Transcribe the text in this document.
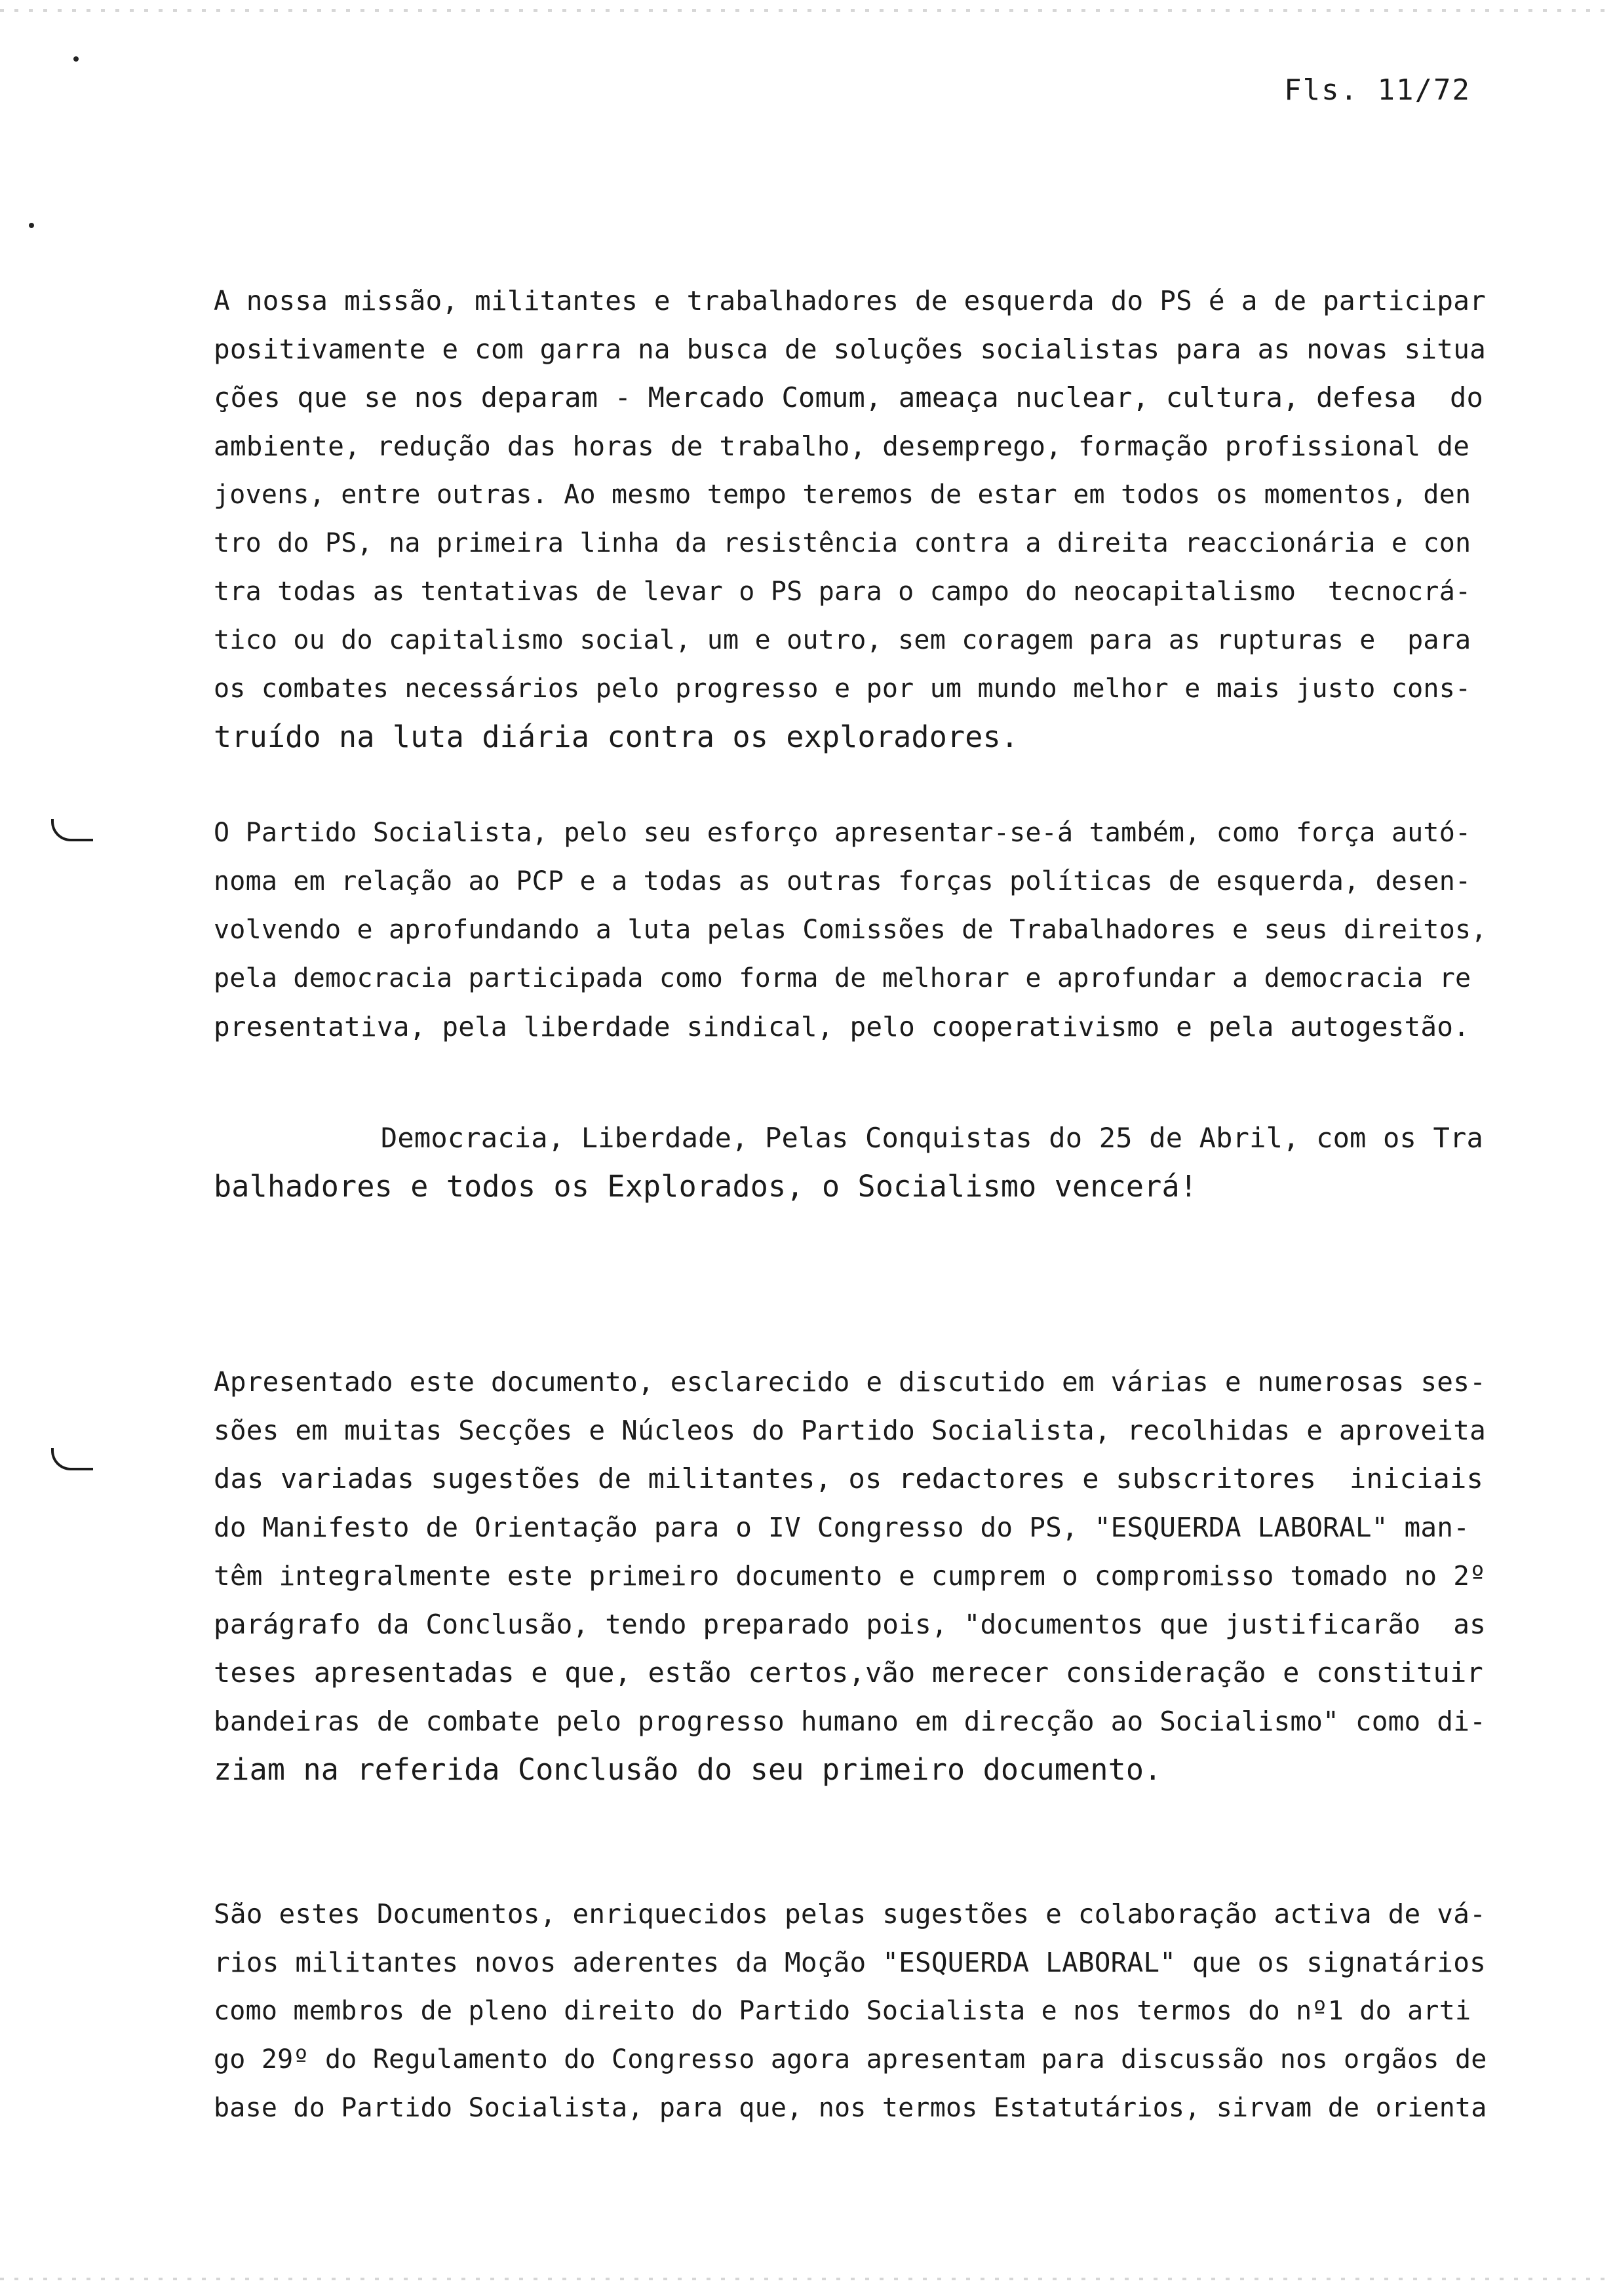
Fls. 11/72
A nossa missão, militantes e trabalhadores de esquerda do PS é a de participar
positivamente e com garra na busca de soluções socialistas para as novas situa
ções que se nos deparam - Mercado Comum, ameaça nuclear, cultura, defesa  do
ambiente, redução das horas de trabalho, desemprego, formação profissional de
jovens, entre outras. Ao mesmo tempo teremos de estar em todos os momentos, den
tro do PS, na primeira linha da resistência contra a direita reaccionária e con
tra todas as tentativas de levar o PS para o campo do neocapitalismo  tecnocrá-
tico ou do capitalismo social, um e outro, sem coragem para as rupturas e  para
os combates necessários pelo progresso e por um mundo melhor e mais justo cons-
truído na luta diária contra os exploradores.
O Partido Socialista, pelo seu esforço apresentar-se-á também, como força autó-
noma em relação ao PCP e a todas as outras forças políticas de esquerda, desen-
volvendo e aprofundando a luta pelas Comissões de Trabalhadores e seus direitos,
pela democracia participada como forma de melhorar e aprofundar a democracia re
presentativa, pela liberdade sindical, pelo cooperativismo e pela autogestão.
Democracia, Liberdade, Pelas Conquistas do 25 de Abril, com os Tra
balhadores e todos os Explorados, o Socialismo vencerá!
Apresentado este documento, esclarecido e discutido em várias e numerosas ses-
sões em muitas Secções e Núcleos do Partido Socialista, recolhidas e aproveita
das variadas sugestões de militantes, os redactores e subscritores  iniciais
do Manifesto de Orientação para o IV Congresso do PS, "ESQUERDA LABORAL" man-
têm integralmente este primeiro documento e cumprem o compromisso tomado no 2º
parágrafo da Conclusão, tendo preparado pois, "documentos que justificarão  as
teses apresentadas e que, estão certos,vão merecer consideração e constituir
bandeiras de combate pelo progresso humano em direcção ao Socialismo" como di-
ziam na referida Conclusão do seu primeiro documento.
São estes Documentos, enriquecidos pelas sugestões e colaboração activa de vá-
rios militantes novos aderentes da Moção "ESQUERDA LABORAL" que os signatários
como membros de pleno direito do Partido Socialista e nos termos do nº1 do arti
go 29º do Regulamento do Congresso agora apresentam para discussão nos orgãos de
base do Partido Socialista, para que, nos termos Estatutários, sirvam de orienta
